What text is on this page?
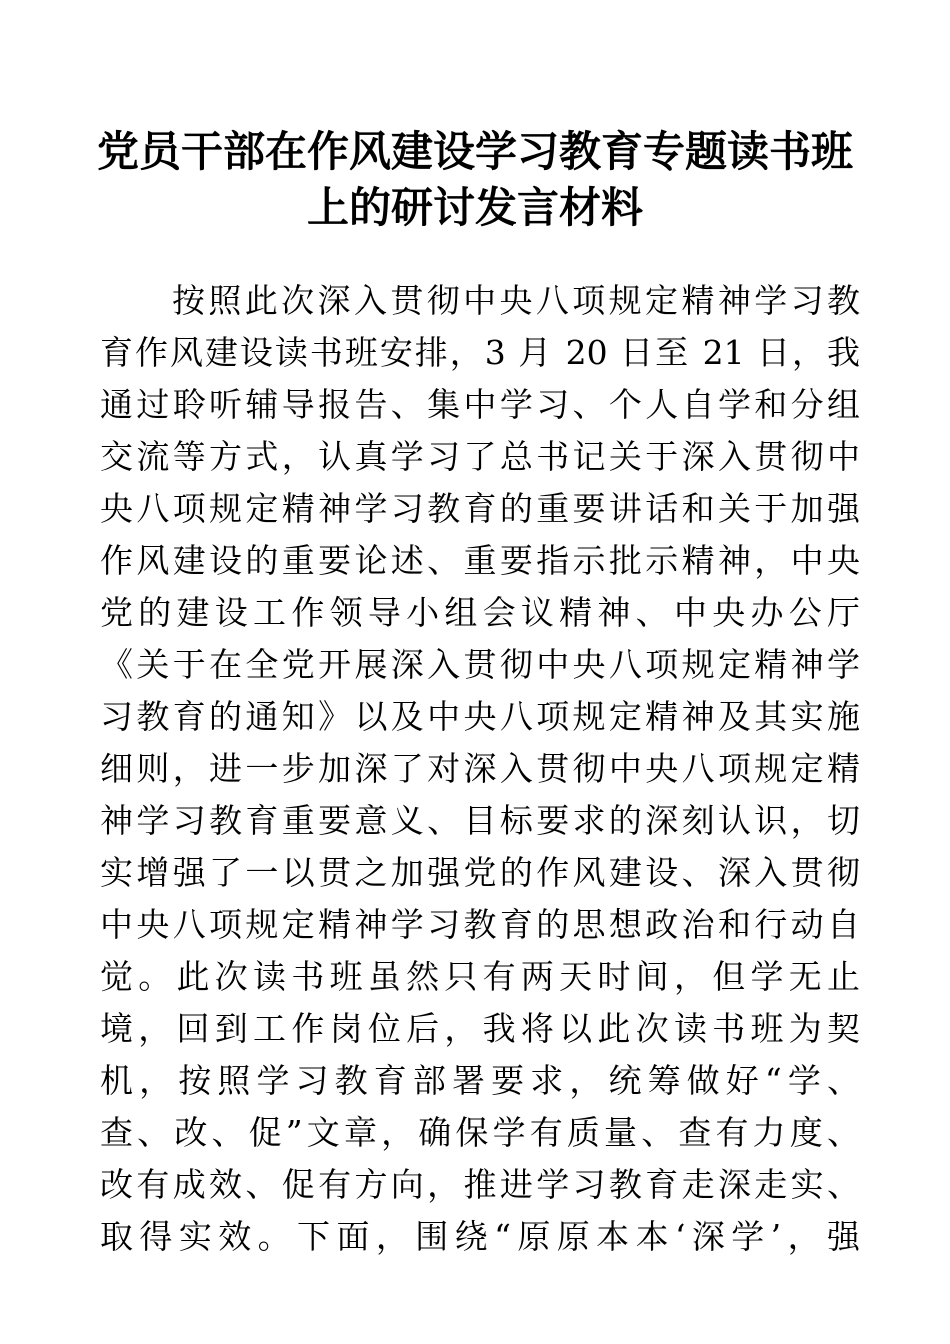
党员干部在作风建设学习教育专题读书班
上的研讨发言材料
按照此次深入贯彻中央八项规定精神学习教
育作风建设读书班安排，3 月 20 日至 21 日，我
通过聆听辅导报告、集中学习、个人自学和分组
交流等方式，认真学习了总书记关于深入贯彻中
央八项规定精神学习教育的重要讲话和关于加强
作风建设的重要论述、重要指示批示精神，中央
党的建设工作领导小组会议精神、中央办公厅
《关于在全党开展深入贯彻中央八项规定精神学
习教育的通知》以及中央八项规定精神及其实施
细则，进一步加深了对深入贯彻中央八项规定精
神学习教育重要意义、目标要求的深刻认识，切
实增强了一以贯之加强党的作风建设、深入贯彻
中央八项规定精神学习教育的思想政治和行动自
觉。此次读书班虽然只有两天时间，但学无止
境，回到工作岗位后，我将以此次读书班为契
机，按照学习教育部署要求，统筹做好“学、
查、改、促”文章，确保学有质量、查有力度、
改有成效、促有方向，推进学习教育走深走实、
取得实效。下面，围绕“原原本本‘深学’，强
